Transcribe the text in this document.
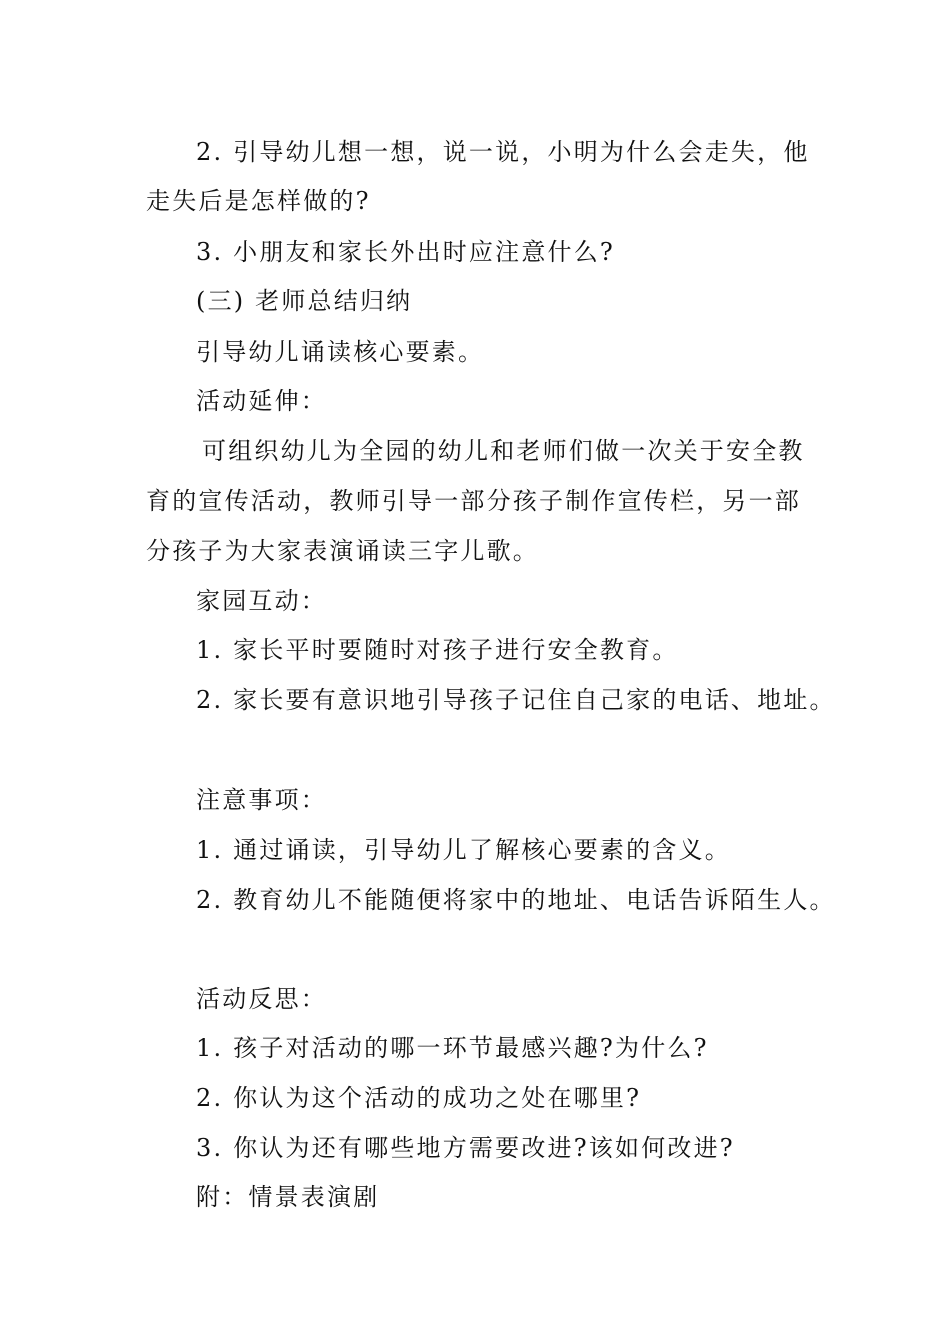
2. 引导幼儿想一想，说一说，小明为什么会走失，他
走失后是怎样做的?
3. 小朋友和家长外出时应注意什么?
(三) 老师总结归纳
引导幼儿诵读核心要素。
活动延伸：
可组织幼儿为全园的幼儿和老师们做一次关于安全教
育的宣传活动，教师引导一部分孩子制作宣传栏，另一部
分孩子为大家表演诵读三字儿歌。
家园互动：
1. 家长平时要随时对孩子进行安全教育。
2. 家长要有意识地引导孩子记住自己家的电话、地址。
注意事项：
1. 通过诵读，引导幼儿了解核心要素的含义。
2. 教育幼儿不能随便将家中的地址、电话告诉陌生人。
活动反思：
1. 孩子对活动的哪一环节最感兴趣?为什么?
2. 你认为这个活动的成功之处在哪里?
3. 你认为还有哪些地方需要改进?该如何改进?
附：情景表演剧
